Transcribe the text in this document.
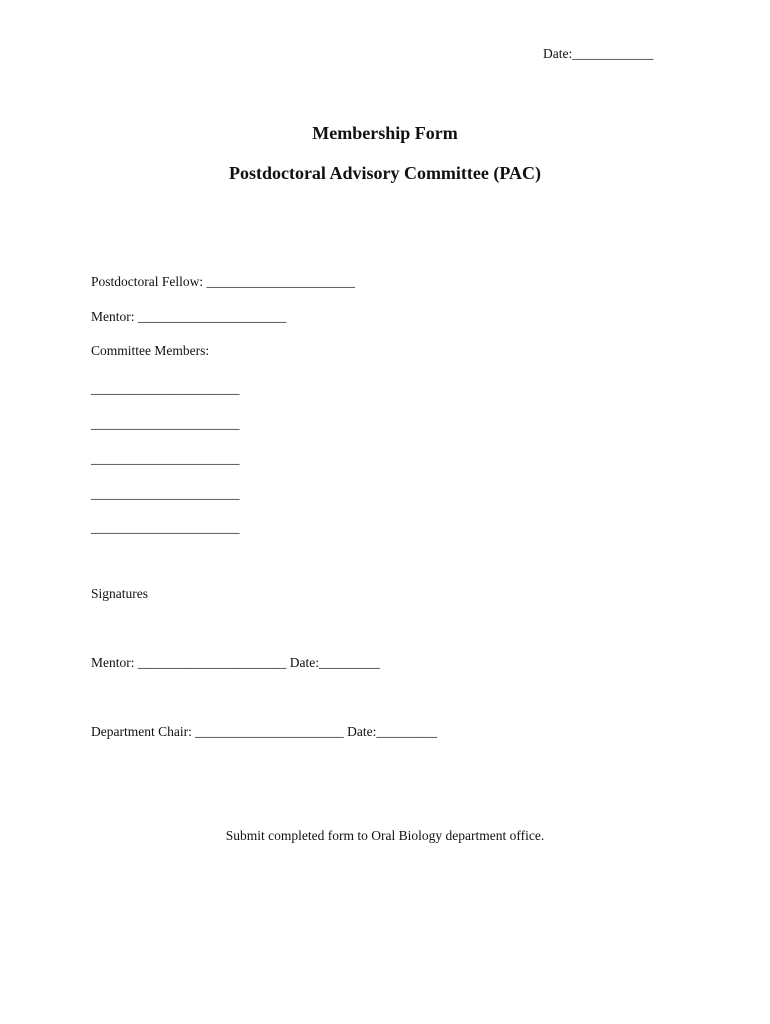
Date:____________
Membership Form
Postdoctoral Advisory Committee (PAC)
Postdoctoral Fellow: ______________________
Mentor: ______________________
Committee Members:
______________________
______________________
______________________
______________________
______________________
Signatures
Mentor: ______________________ Date:_________
Department Chair: ______________________ Date:_________
Submit completed form to Oral Biology department office.
